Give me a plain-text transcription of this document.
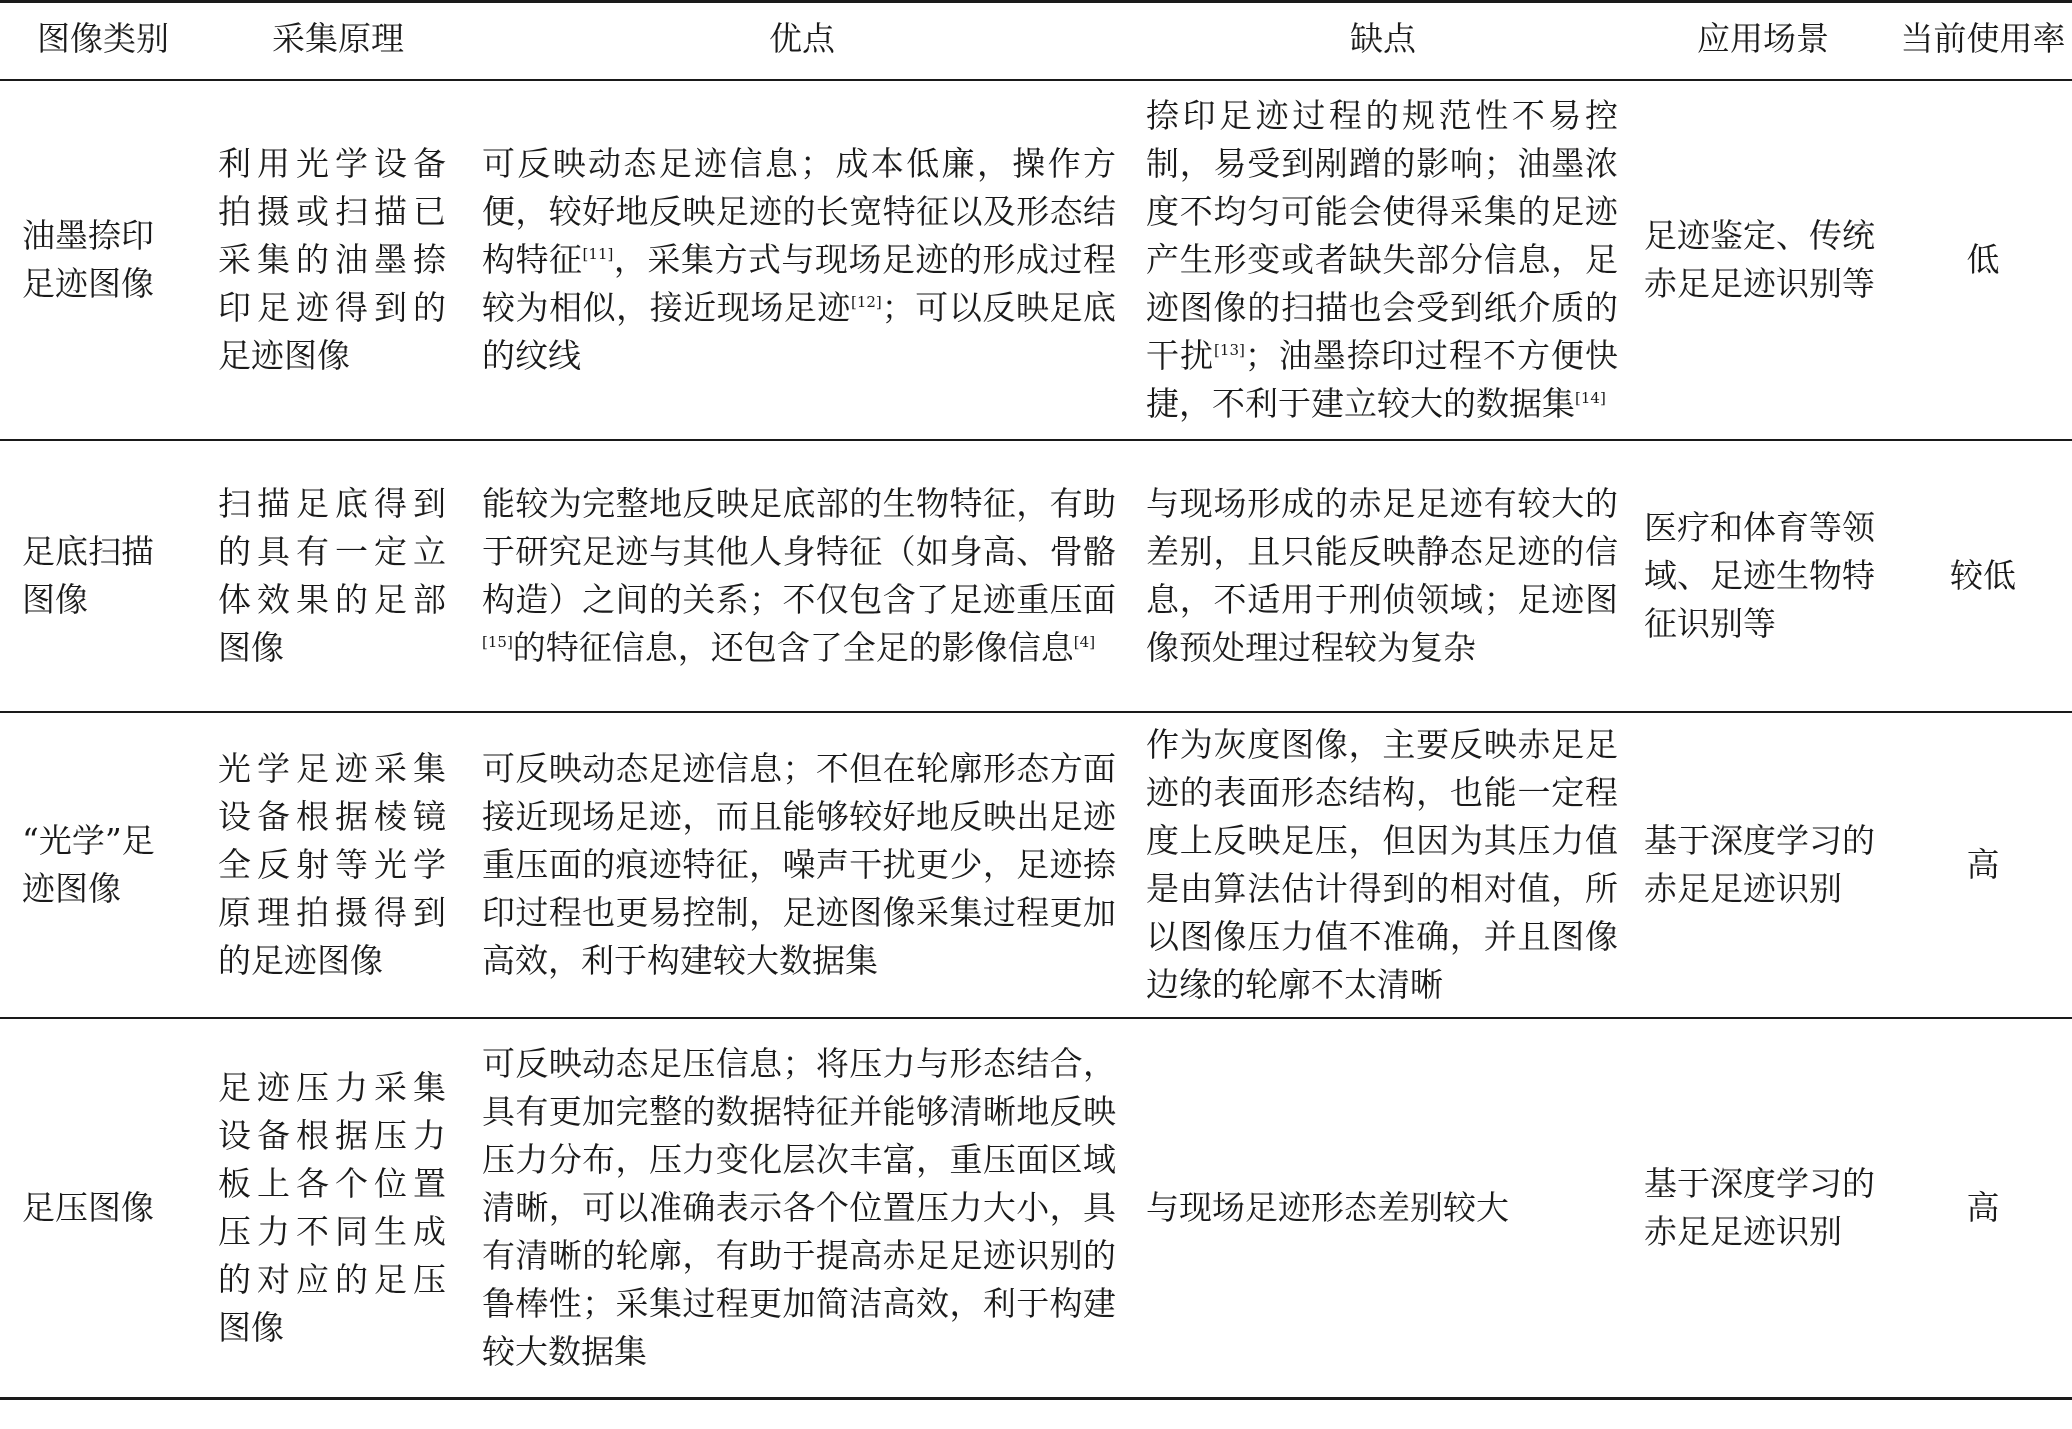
图像类别	采集原理	优点	缺点	应用场景	当前使用率
油墨捺印足迹图像	利用光学设备拍摄或扫描已采集的油墨捺印足迹得到的足迹图像	可反映动态足迹信息；成本低廉，操作方便，较好地反映足迹的长宽特征以及形态结构特征[11]，采集方式与现场足迹的形成过程较为相似，接近现场足迹[12]；可以反映足底的纹线	捺印足迹过程的规范性不易控制，易受到剐蹭的影响；油墨浓度不均匀可能会使得采集的足迹产生形变或者缺失部分信息，足迹图像的扫描也会受到纸介质的干扰[13]；油墨捺印过程不方便快捷，不利于建立较大的数据集[14]	足迹鉴定、传统赤足足迹识别等	低
足底扫描图像	扫描足底得到的具有一定立体效果的足部图像	能较为完整地反映足底部的生物特征，有助于研究足迹与其他人身特征（如身高、骨骼构造）之间的关系；不仅包含了足迹重压面[15]的特征信息，还包含了全足的影像信息[4]	与现场形成的赤足足迹有较大的差别，且只能反映静态足迹的信息，不适用于刑侦领域；足迹图像预处理过程较为复杂	医疗和体育等领域、足迹生物特征识别等	较低
“光学”足迹图像	光学足迹采集设备根据棱镜全反射等光学原理拍摄得到的足迹图像	可反映动态足迹信息；不但在轮廓形态方面接近现场足迹，而且能够较好地反映出足迹重压面的痕迹特征，噪声干扰更少，足迹捺印过程也更易控制，足迹图像采集过程更加高效，利于构建较大数据集	作为灰度图像，主要反映赤足足迹的表面形态结构，也能一定程度上反映足压，但因为其压力值是由算法估计得到的相对值，所以图像压力值不准确，并且图像边缘的轮廓不太清晰	基于深度学习的赤足足迹识别	高
足压图像	足迹压力采集设备根据压力板上各个位置压力不同生成的对应的足压图像	可反映动态足压信息；将压力与形态结合，具有更加完整的数据特征并能够清晰地反映压力分布，压力变化层次丰富，重压面区域清晰，可以准确表示各个位置压力大小，具有清晰的轮廓，有助于提高赤足足迹识别的鲁棒性；采集过程更加简洁高效，利于构建较大数据集	与现场足迹形态差别较大	基于深度学习的赤足足迹识别	高
